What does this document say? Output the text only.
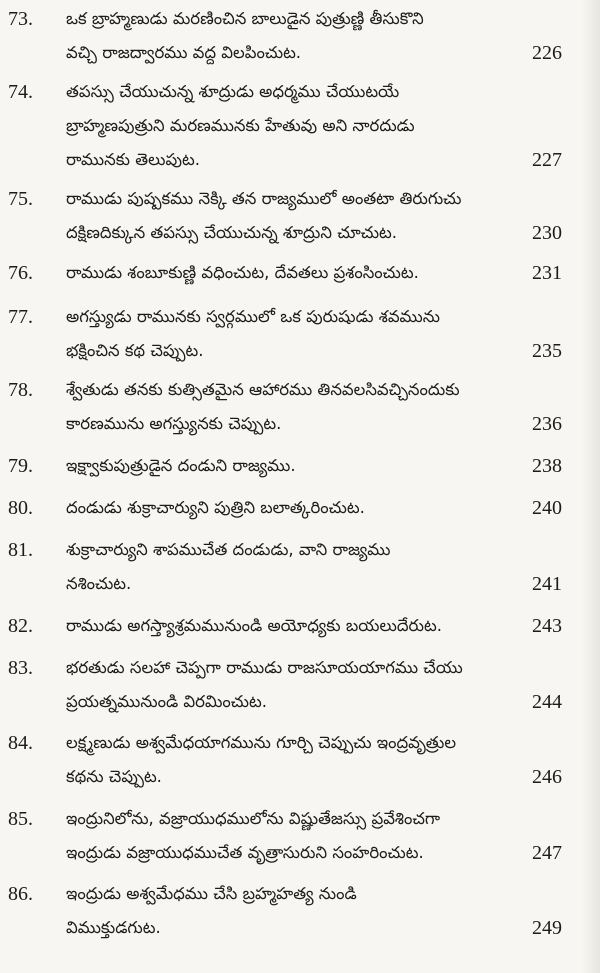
73.	ఒక బ్రాహ్మణుడు మరణించిన బాలుడైన పుత్రుణ్ణి తీసుకొని
వచ్చి రాజద్వారము వద్ద విలపించుట.	226
74.	తపస్సు చేయుచున్న శూద్రుడు అధర్మము చేయుటయే
బ్రాహ్మణపుత్రుని మరణమునకు హేతువు అని నారదుడు
రామునకు తెలుపుట.	227
75.	రాముడు పుష్పకము నెక్కి తన రాజ్యములో అంతటా తిరుగుచు
దక్షిణదిక్కున తపస్సు చేయుచున్న శూద్రుని చూచుట.	230
76.	రాముడు శంబూకుణ్ణి వధించుట, దేవతలు ప్రశంసించుట.	231
77.	అగస్త్యుడు రామునకు స్వర్గములో ఒక పురుషుడు శవమును
భక్షించిన కథ చెప్పుట.	235
78.	శ్వేతుడు తనకు కుత్సితమైన ఆహారము తినవలసివచ్చినందుకు
కారణమును అగస్త్యునకు చెప్పుట.	236
79.	ఇక్ష్వాకుపుత్రుడైన దండుని రాజ్యము.	238
80.	దండుడు శుక్రాచార్యుని పుత్రిని బలాత్కరించుట.	240
81.	శుక్రాచార్యుని శాపముచేత దండుడు, వాని రాజ్యము
నశించుట.	241
82.	రాముడు అగస్త్యాశ్రమమునుండి అయోధ్యకు బయలుదేరుట.	243
83.	భరతుడు సలహా చెప్పగా రాముడు రాజసూయయాగము చేయు
ప్రయత్నమునుండి విరమించుట.	244
84.	లక్ష్మణుడు అశ్వమేధయాగమును గూర్చి చెప్పుచు ఇంద్రవృత్రుల
కథను చెప్పుట.	246
85.	ఇంద్రునిలోను, వజ్రాయుధములోను విష్ణుతేజస్సు ప్రవేశించగా
ఇంద్రుడు వజ్రాయుధముచేత వృత్రాసురుని సంహరించుట.	247
86.	ఇంద్రుడు అశ్వమేధము చేసి బ్రహ్మహత్య నుండి
విముక్తుడగుట.	249
